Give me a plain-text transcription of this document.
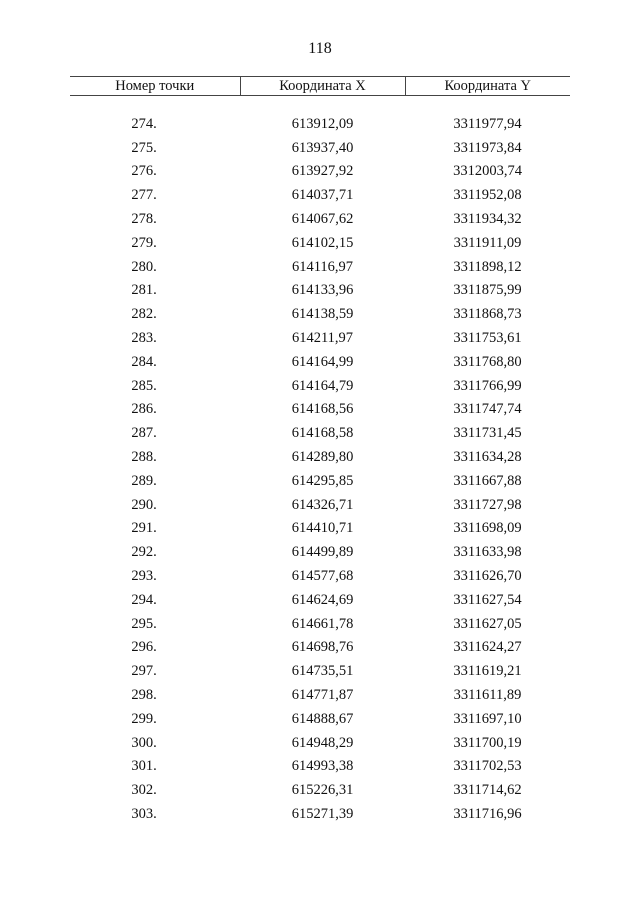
118
Номер точки	Координата X	Координата Y

274.	613912,09	3311977,94
275.	613937,40	3311973,84
276.	613927,92	3312003,74
277.	614037,71	3311952,08
278.	614067,62	3311934,32
279.	614102,15	3311911,09
280.	614116,97	3311898,12
281.	614133,96	3311875,99
282.	614138,59	3311868,73
283.	614211,97	3311753,61
284.	614164,99	3311768,80
285.	614164,79	3311766,99
286.	614168,56	3311747,74
287.	614168,58	3311731,45
288.	614289,80	3311634,28
289.	614295,85	3311667,88
290.	614326,71	3311727,98
291.	614410,71	3311698,09
292.	614499,89	3311633,98
293.	614577,68	3311626,70
294.	614624,69	3311627,54
295.	614661,78	3311627,05
296.	614698,76	3311624,27
297.	614735,51	3311619,21
298.	614771,87	3311611,89
299.	614888,67	3311697,10
300.	614948,29	3311700,19
301.	614993,38	3311702,53
302.	615226,31	3311714,62
303.	615271,39	3311716,96
